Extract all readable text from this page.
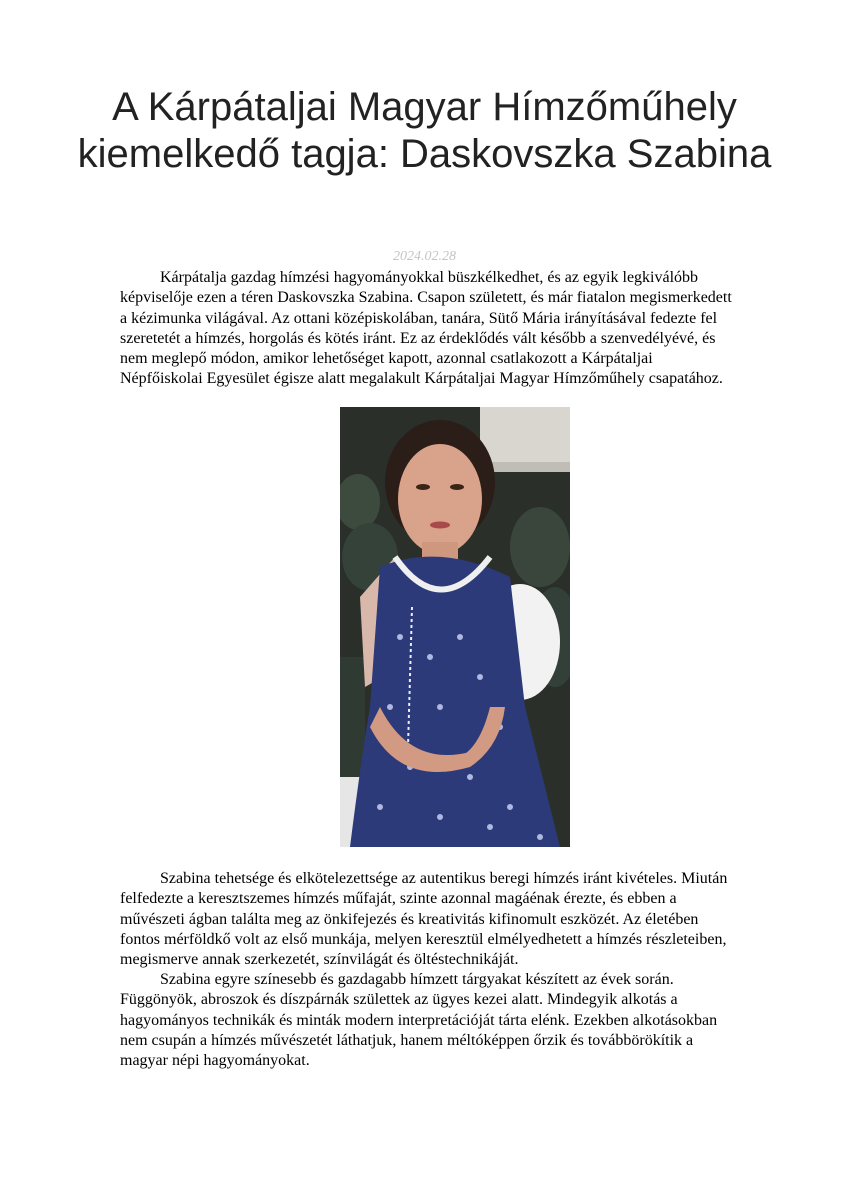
A Kárpátaljai Magyar Hímzőműhely kiemelkedő tagja: Daskovszka Szabina
2024.02.28

Kárpátalja gazdag hímzési hagyományokkal büszkélkedhet, és az egyik legkiválóbb képviselője ezen a téren Daskovszka Szabina. Csapon született, és már fiatalon megismerkedett a kézimunka világával. Az ottani középiskolában, tanára, Sütő Mária irányításával fedezte fel szeretetét a hímzés, horgolás és kötés iránt. Ez az érdeklődés vált később a szenvedélyévé, és nem meglepő módon, amikor lehetőséget kapott, azonnal csatlakozott a Kárpátaljai Népfőiskolai Egyesület égisze alatt megalakult Kárpátaljai Magyar Hímzőműhely csapatához.

Szabina tehetsége és elkötelezettsége az autentikus beregi hímzés iránt kivételes. Miután felfedezte a keresztszemes hímzés műfaját, szinte azonnal magáénak érezte, és ebben a művészeti ágban találta meg az önkifejezés és kreativitás kifinomult eszközét. Az életében fontos mérföldkő volt az első munkája, melyen keresztül elmélyedhetett a hímzés részleteiben, megismerve annak szerkezetét, színvilágát és öltéstechnikáját.

Szabina egyre színesebb és gazdagabb hímzett tárgyakat készített az évek során. Függönyök, abroszok és díszpárnák születtek az ügyes kezei alatt. Mindegyik alkotás a hagyományos technikák és minták modern interpretációját tárta elénk. Ezekben alkotásokban nem csupán a hímzés művészetét láthatjuk, hanem méltóképpen őrzik és továbbörökítik a magyar népi hagyományokat.
